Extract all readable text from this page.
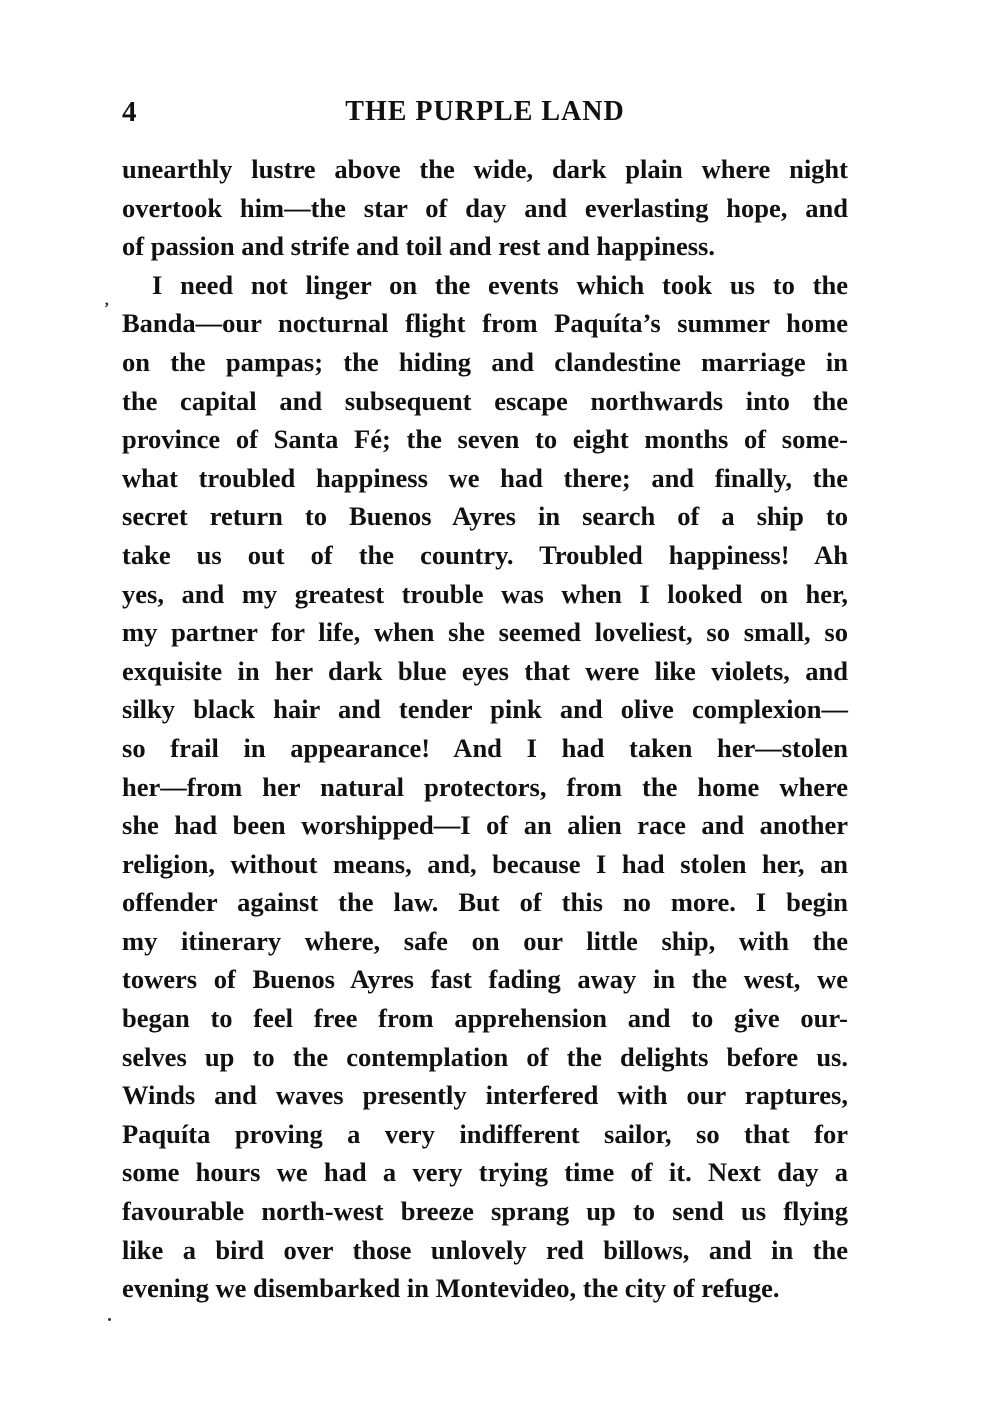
4	THE PURPLE LAND
’
unearthly lustre above the wide, dark plain where night
overtook him—the star of day and everlasting hope, and
of passion and strife and toil and rest and happiness.
I need not linger on the events which took us to the
Banda—our nocturnal flight from Paquíta’s summer home
on the pampas; the hiding and clandestine marriage in
the capital and subsequent escape northwards into the
province of Santa Fé; the seven to eight months of some-
what troubled happiness we had there; and finally, the
secret return to Buenos Ayres in search of a ship to
take us out of the country. Troubled happiness! Ah
yes, and my greatest trouble was when I looked on her,
my partner for life, when she seemed loveliest, so small, so
exquisite in her dark blue eyes that were like violets, and
silky black hair and tender pink and olive complexion—
so frail in appearance! And I had taken her—stolen
her—from her natural protectors, from the home where
she had been worshipped—I of an alien race and another
religion, without means, and, because I had stolen her, an
offender against the law. But of this no more. I begin
my itinerary where, safe on our little ship, with the
towers of Buenos Ayres fast fading away in the west, we
began to feel free from apprehension and to give our-
selves up to the contemplation of the delights before us.
Winds and waves presently interfered with our raptures,
Paquíta proving a very indifferent sailor, so that for
some hours we had a very trying time of it. Next day a
favourable north-west breeze sprang up to send us flying
like a bird over those unlovely red billows, and in the
evening we disembarked in Montevideo, the city of refuge.
